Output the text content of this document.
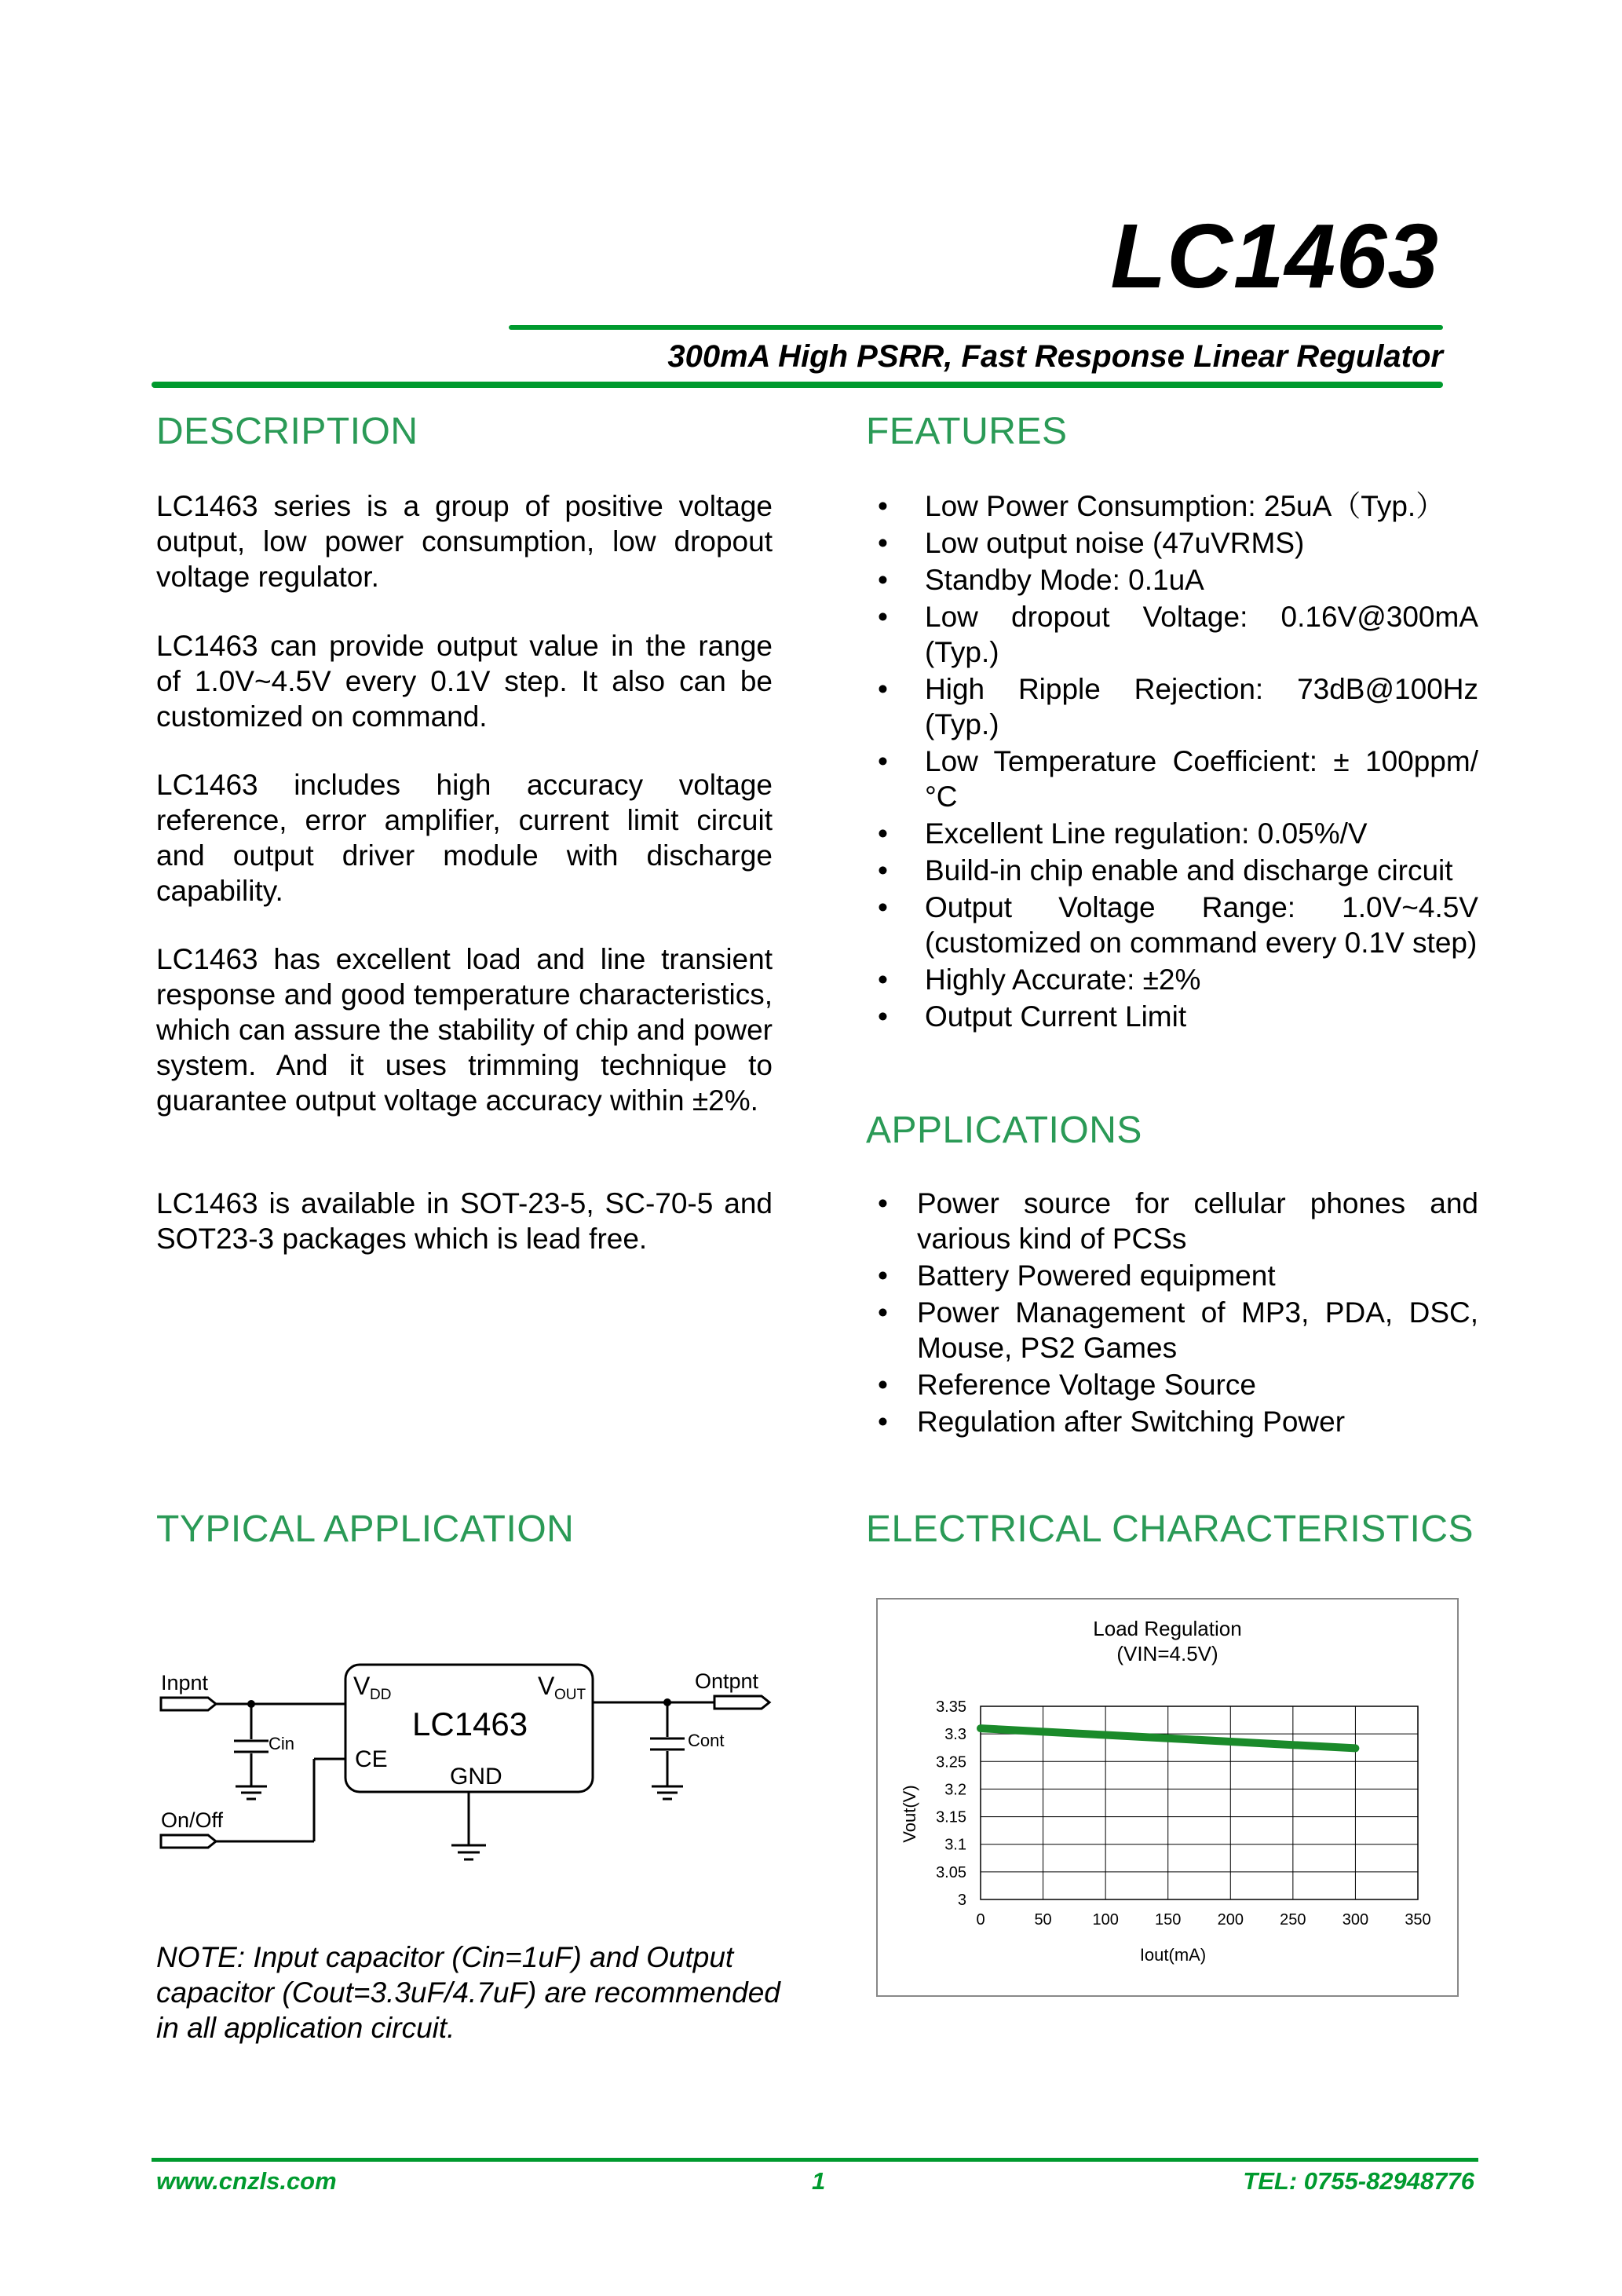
LC1463
300mA High PSRR, Fast Response Linear Regulator
DESCRIPTION
LC1463 series is a group of positive voltage output, low power consumption, low dropout voltage regulator.
LC1463 can provide output value in the range of 1.0V~4.5V every 0.1V step. It also can be customized on command.
LC1463 includes high accuracy voltage reference, error amplifier, current limit circuit and output driver module with discharge capability.
LC1463 has excellent load and line transient response and good temperature characteristics, which can assure the stability of chip and power system. And it uses trimming technique to guarantee output voltage accuracy within ±2%.
LC1463 is available in SOT-23-5, SC-70-5 and SOT23-3 packages which is lead free.
FEATURES
• Low Power Consumption: 25uA（Typ.）
• Low output noise (47uVRMS)
• Standby Mode: 0.1uA
• Low dropout Voltage: 0.16V@300mA (Typ.)
• High Ripple Rejection: 73dB@100Hz (Typ.)
• Low Temperature Coefficient: ± 100ppm/°C
• Excellent Line regulation: 0.05%/V
• Build-in chip enable and discharge circuit
• Output Voltage Range: 1.0V~4.5V (customized on command every 0.1V step)
• Highly Accurate: ±2%
• Output Current Limit
APPLICATIONS
• Power source for cellular phones and various kind of PCSs
• Battery Powered equipment
• Power Management of MP3, PDA, DSC, Mouse, PS2 Games
• Reference Voltage Source
• Regulation after Switching Power
TYPICAL APPLICATION
Inpnt	Ontpnt
On/Off
Cin	Cont
V DD	V OUT
LC1463
CE
GND
NOTE: Input capacitor (Cin=1uF) and Output capacitor (Cout=3.3uF/4.7uF) are recommended in all application circuit.
ELECTRICAL CHARACTERISTICS
Load Regulation
(VIN=4.5V)
Iout(mA)
Vout(V)
0	50	100 150 200 250 300 350
3
3.05
3.1
3.15
3.2
3.25
3.3
3.35
www.cnzls.com	1	TEL: 0755-82948776
